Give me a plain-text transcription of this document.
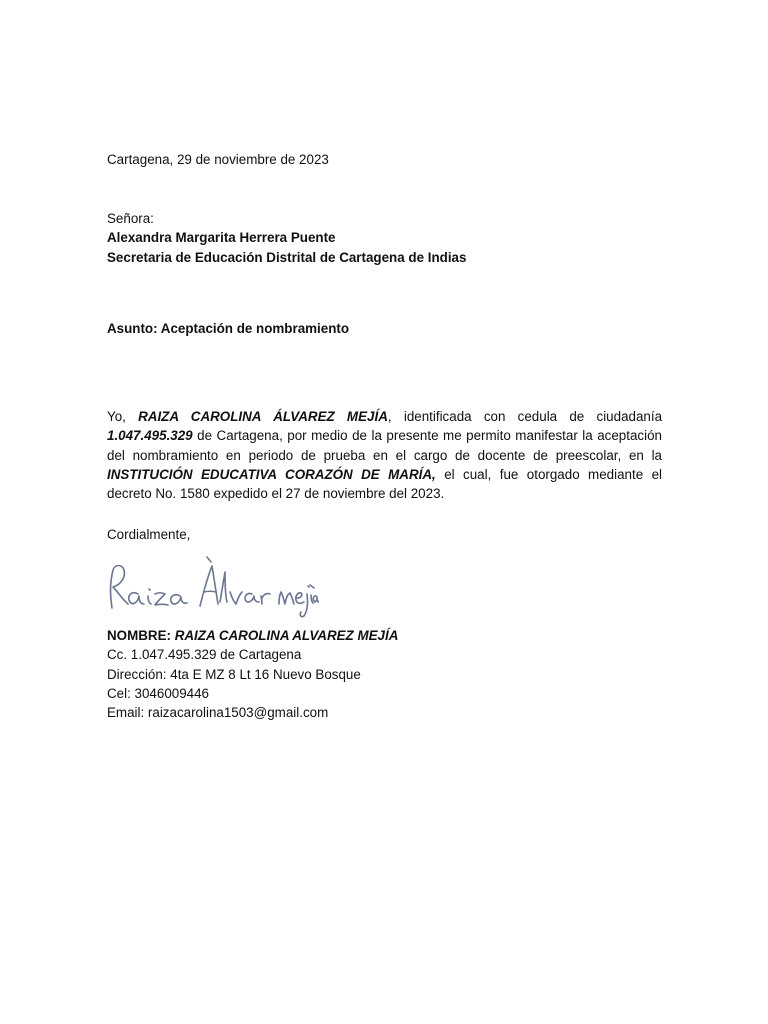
Cartagena, 29 de noviembre de 2023

Señora:
Alexandra Margarita Herrera Puente
Secretaria de Educación Distrital de Cartagena de Indias

Asunto: Aceptación de nombramiento

Yo, RAIZA CAROLINA ÁLVAREZ MEJÍA, identificada con cedula de ciudadanía 1.047.495.329 de Cartagena, por medio de la presente me permito manifestar la aceptación del nombramiento en periodo de prueba en el cargo de docente de preescolar, en la INSTITUCIÓN EDUCATIVA CORAZÓN DE MARÍA, el cual, fue otorgado mediante el decreto No. 1580 expedido el 27 de noviembre del 2023.

Cordialmente,

NOMBRE: RAIZA CAROLINA ALVAREZ MEJÍA
Cc. 1.047.495.329 de Cartagena
Dirección: 4ta E MZ 8 Lt 16 Nuevo Bosque
Cel: 3046009446
Email: raizacarolina1503@gmail.com
